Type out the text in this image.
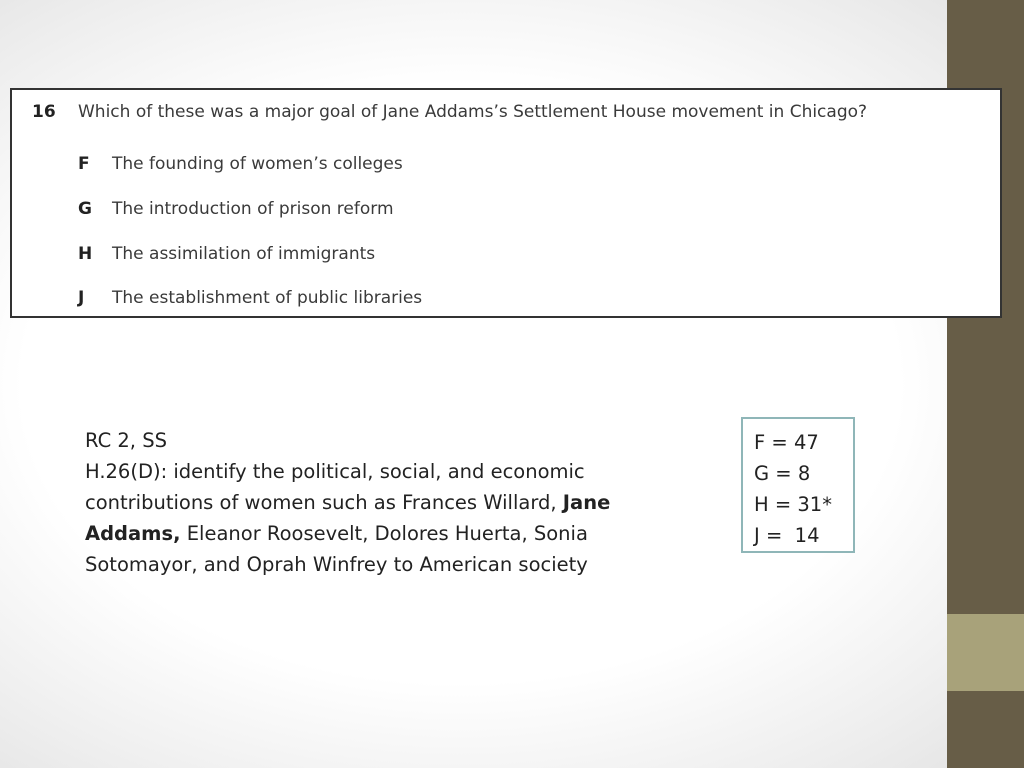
16 Which of these was a major goal of Jane Addams’s Settlement House movement in Chicago?
F The founding of women’s colleges
G The introduction of prison reform
H The assimilation of immigrants
J The establishment of public libraries
RC 2, SS
H.26(D): identify the political, social, and economic
contributions of women such as Frances Willard, Jane
Addams, Eleanor Roosevelt, Dolores Huerta, Sonia
Sotomayor, and Oprah Winfrey to American society
F = 47
G = 8
H = 31*
J =  14
